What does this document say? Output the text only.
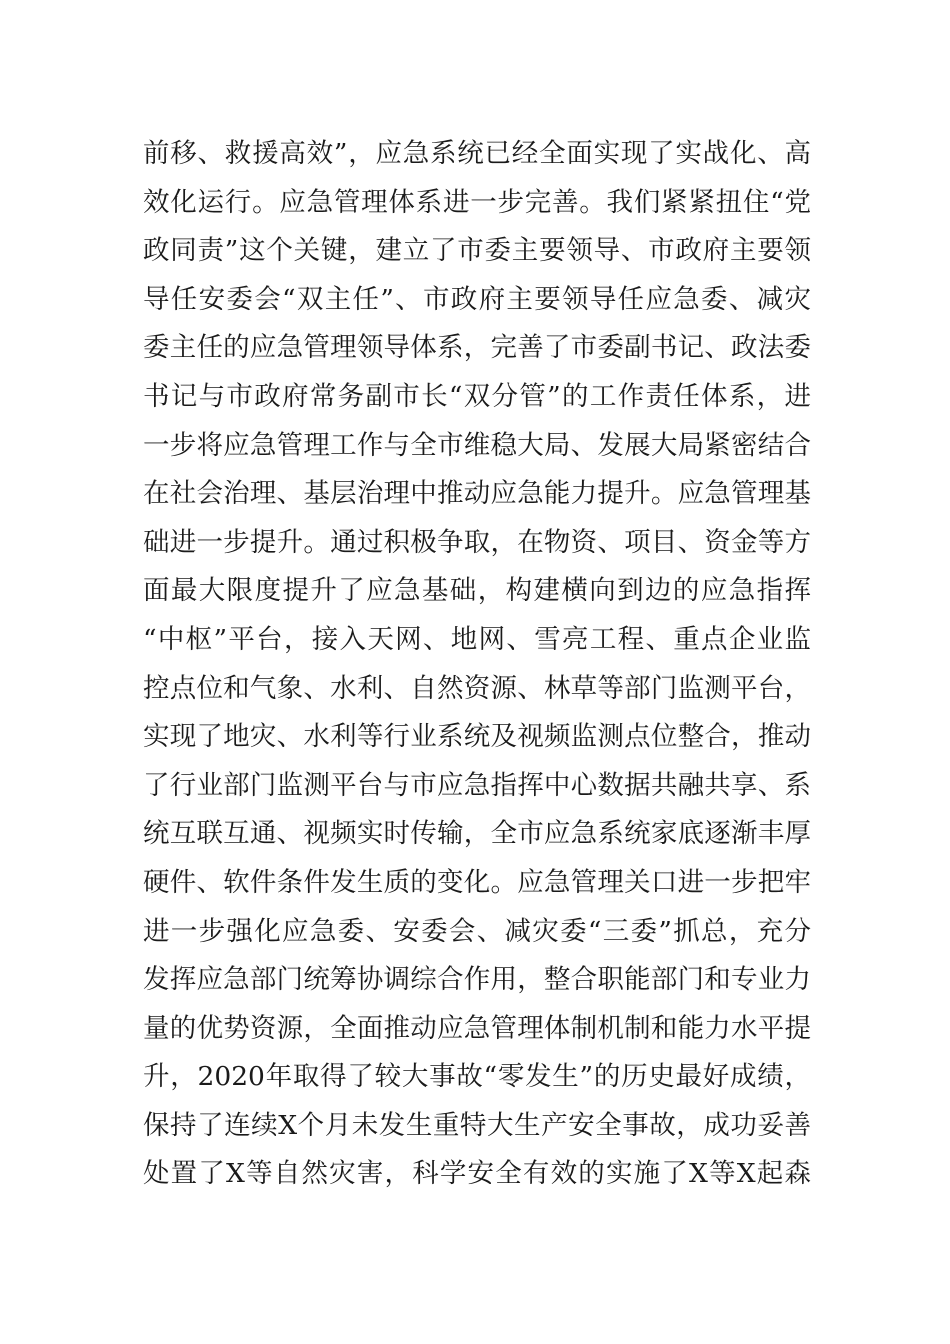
前移、救援高效”，应急系统已经全面实现了实战化、高
效化运行。应急管理体系进一步完善。我们紧紧扭住“党
政同责”这个关键，建立了市委主要领导、市政府主要领
导任安委会“双主任”、市政府主要领导任应急委、减灾
委主任的应急管理领导体系，完善了市委副书记、政法委
书记与市政府常务副市长“双分管”的工作责任体系，进
一步将应急管理工作与全市维稳大局、发展大局紧密结合
在社会治理、基层治理中推动应急能力提升。应急管理基
础进一步提升。通过积极争取，在物资、项目、资金等方
面最大限度提升了应急基础，构建横向到边的应急指挥
“中枢”平台，接入天网、地网、雪亮工程、重点企业监
控点位和气象、水利、自然资源、林草等部门监测平台，
实现了地灾、水利等行业系统及视频监测点位整合，推动
了行业部门监测平台与市应急指挥中心数据共融共享、系
统互联互通、视频实时传输，全市应急系统家底逐渐丰厚
硬件、软件条件发生质的变化。应急管理关口进一步把牢
进一步强化应急委、安委会、减灾委“三委”抓总，充分
发挥应急部门统筹协调综合作用，整合职能部门和专业力
量的优势资源，全面推动应急管理体制机制和能力水平提
升，2020年取得了较大事故“零发生”的历史最好成绩，
保持了连续X个月未发生重特大生产安全事故，成功妥善
处置了X等自然灾害，科学安全有效的实施了X等X起森
